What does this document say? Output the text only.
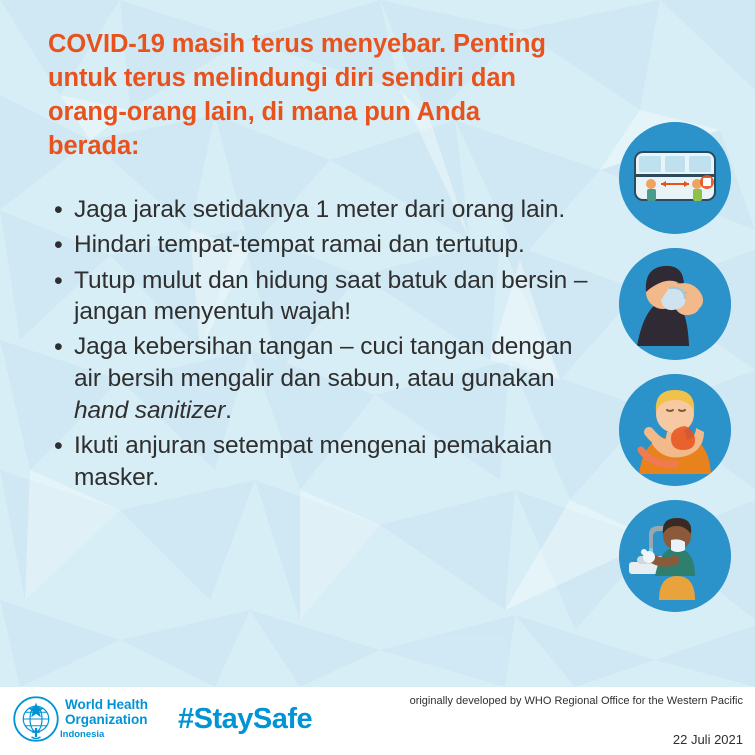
COVID-19 masih terus menyebar. Penting untuk terus melindungi diri sendiri dan orang-orang lain, di mana pun Anda berada:
• Jaga jarak setidaknya 1 meter dari orang lain.
• Hindari tempat-tempat ramai dan tertutup.
• Tutup mulut dan hidung saat batuk dan bersin – jangan menyentuh wajah!
• Jaga kebersihan tangan – cuci tangan dengan air bersih mengalir dan sabun, atau gunakan hand sanitizer.
• Ikuti anjuran setempat mengenai pemakaian masker.
World Health
Organization
Indonesia	#StaySafe
originally developed by WHO Regional Office for the Western Pacific
22 Juli 2021
